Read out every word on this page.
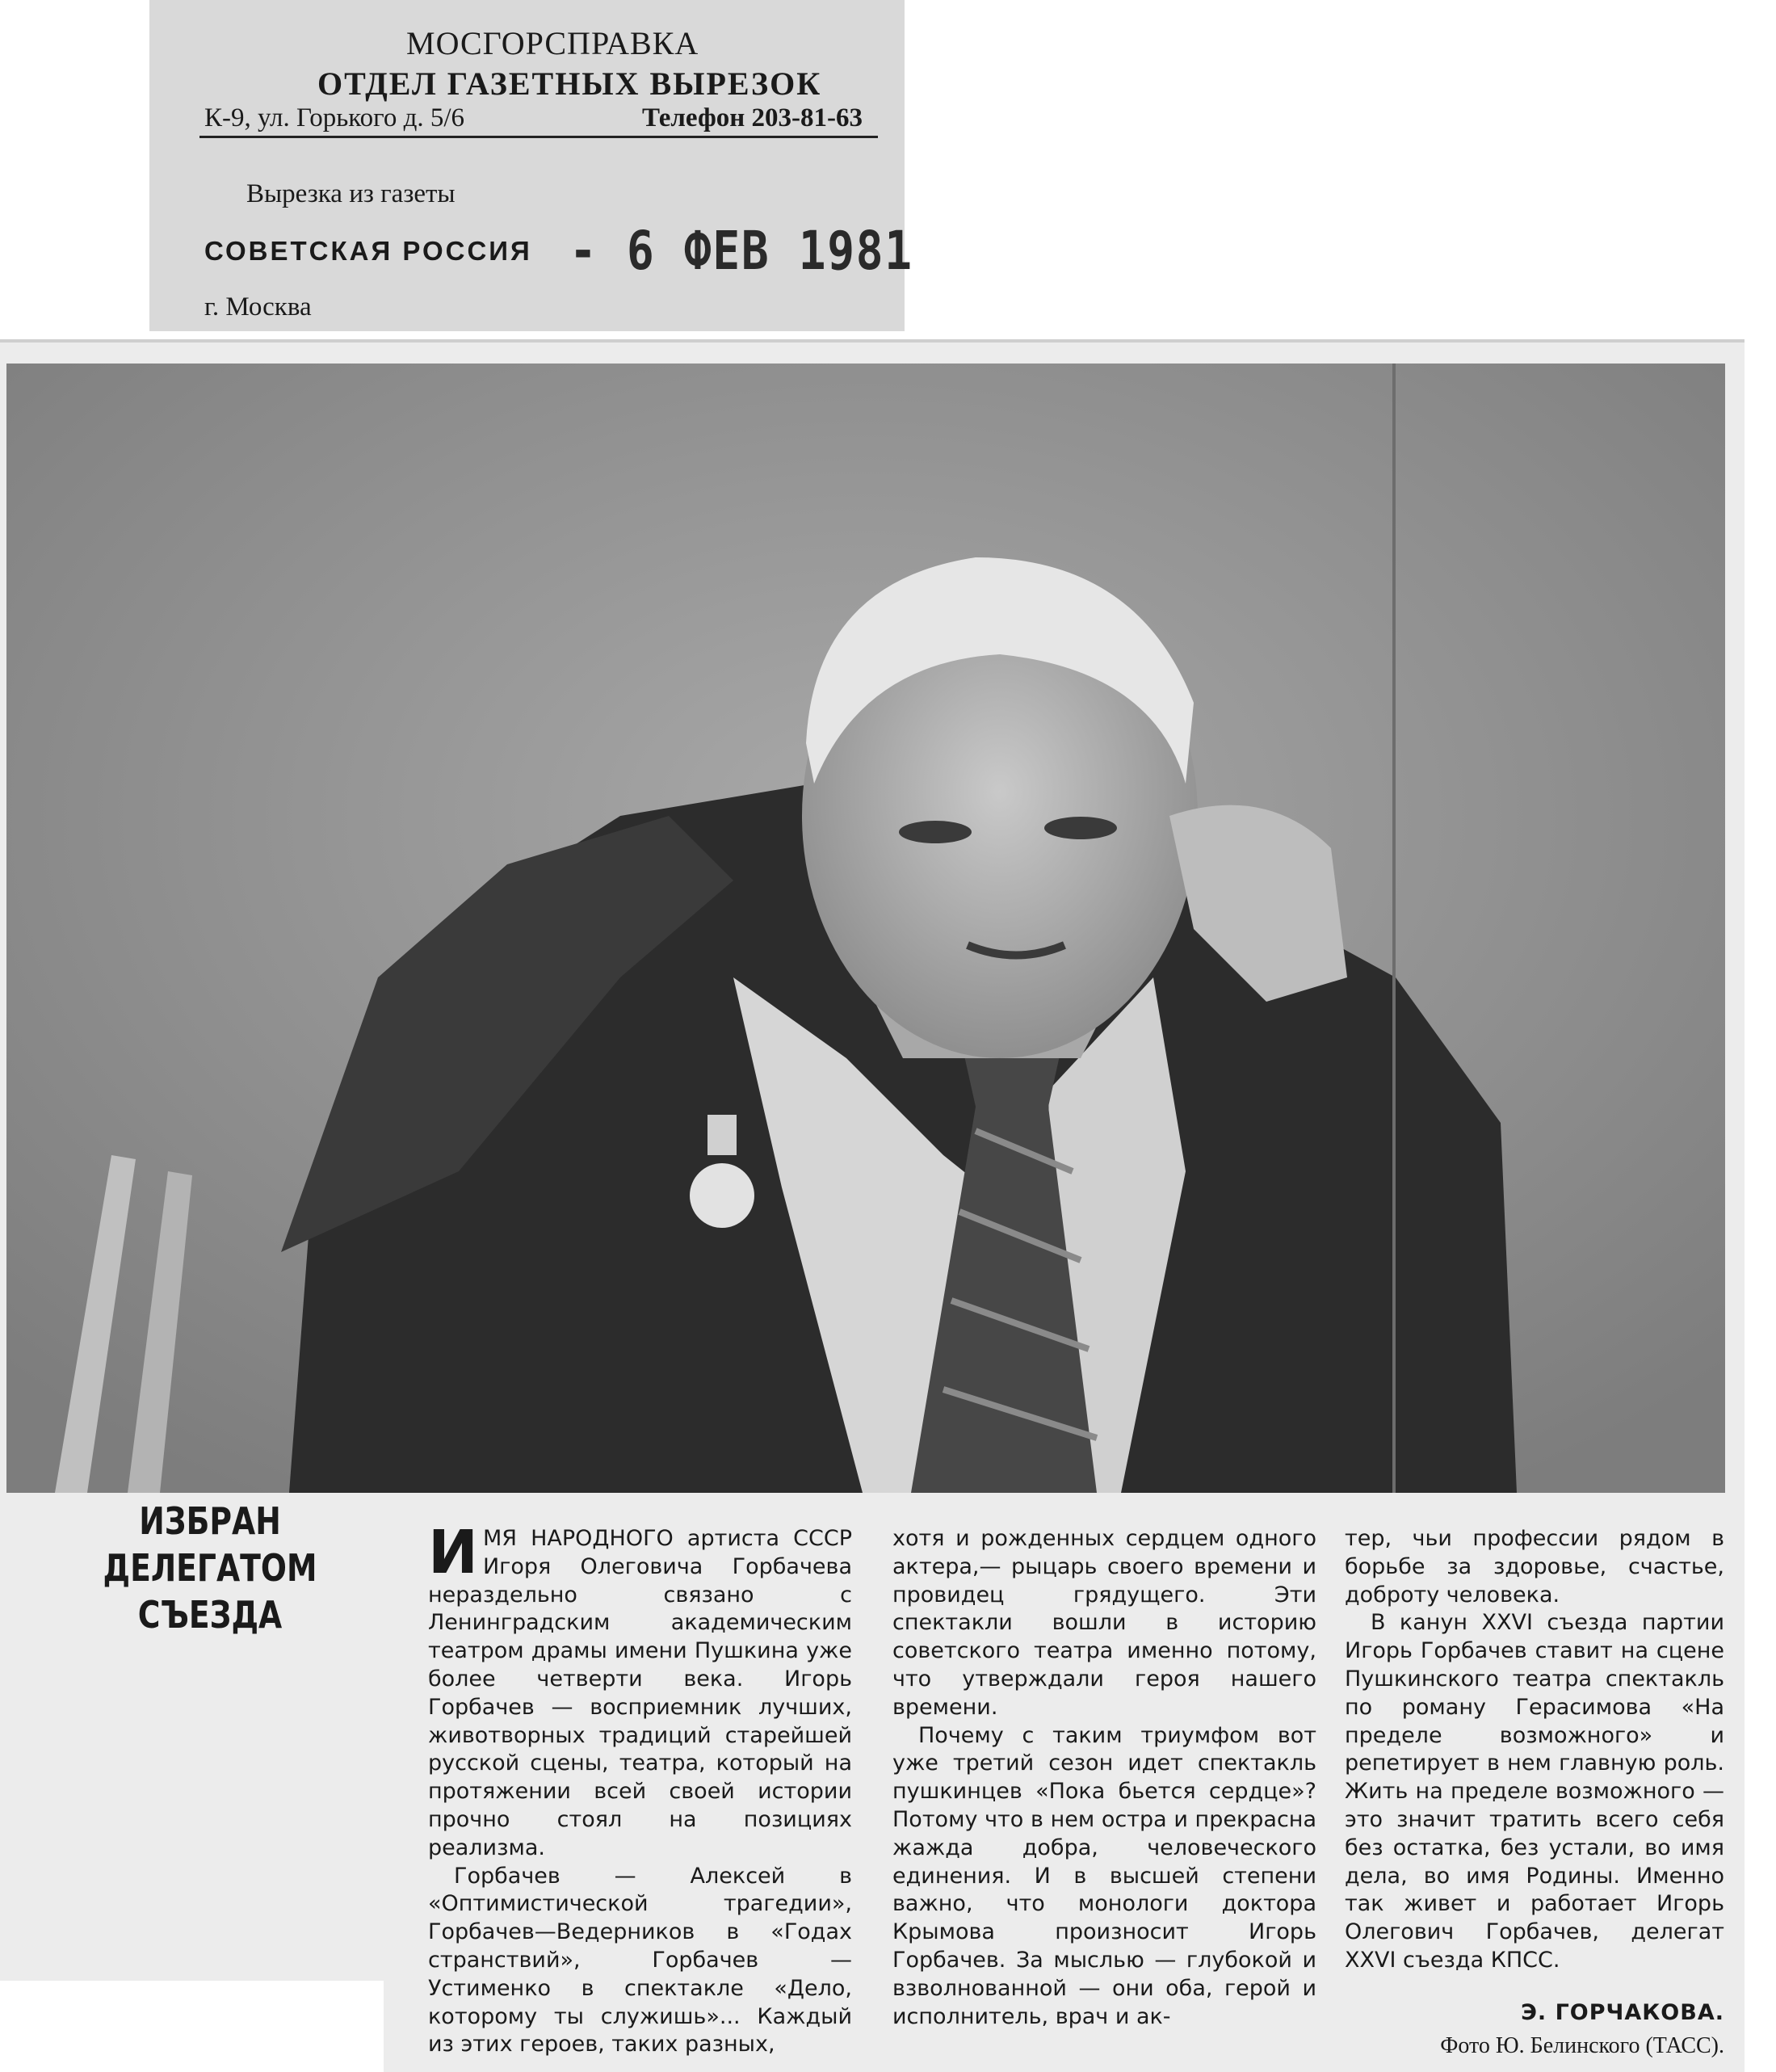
МОСГОРСПРАВКА
ОТДЕЛ ГАЗЕТНЫХ ВЫРЕЗОК
К-9, ул. Горького д. 5/6	Телефон 203-81-63
Вырезка из газеты
СОВЕТСКАЯ РОССИЯ - 6 ФЕВ 1981
г. Москва
ИЗБРАН
ДЕЛЕГАТОМ СЪЕЗДА

ИМЯ НАРОДНОГО артиста СССР Игоря Олеговича Горбачева нераздельно связано с Ленинградским академическим театром драмы имени Пушкина уже более четверти века. Игорь Горбачев — восприемник лучших, животворных традиций старейшей русской сцены, театра, который на протяжении всей своей истории прочно стоял на позициях реализма.

Горбачев — Алексей в «Оптимистической трагедии», Горбачев—Ведерников в «Годах странствий», Горбачев — Устименко в спектакле «Дело, которому ты служишь»... Каждый из этих героев, таких разных,

хотя и рожденных сердцем одного актера,— рыцарь своего времени и провидец грядущего. Эти спектакли вошли в историю советского театра именно потому, что утверждали героя нашего времени.

Почему с таким триумфом вот уже третий сезон идет спектакль пушкинцев «Пока бьется сердце»? Потому что в нем остра и прекрасна жажда добра, человеческого единения. И в высшей степени важно, что монологи доктора Крымова произносит Игорь Горбачев. За мыслью — глубокой и взволнованной — они оба, герой и исполнитель, врач и ак-

тер, чьи профессии рядом в борьбе за здоровье, счастье, доброту человека.

В канун XXVI съезда партии Игорь Горбачев ставит на сцене Пушкинского театра спектакль по роману Герасимова «На пределе возможного» и репетирует в нем главную роль. Жить на пределе возможного — это значит тратить всего себя без остатка, без устали, во имя дела, во имя Родины. Именно так живет и работает Игорь Олегович Горбачев, делегат XXVI съезда КПСС.

Э. ГОРЧАКОВА.

Фото Ю. Белинского (ТАСС).
